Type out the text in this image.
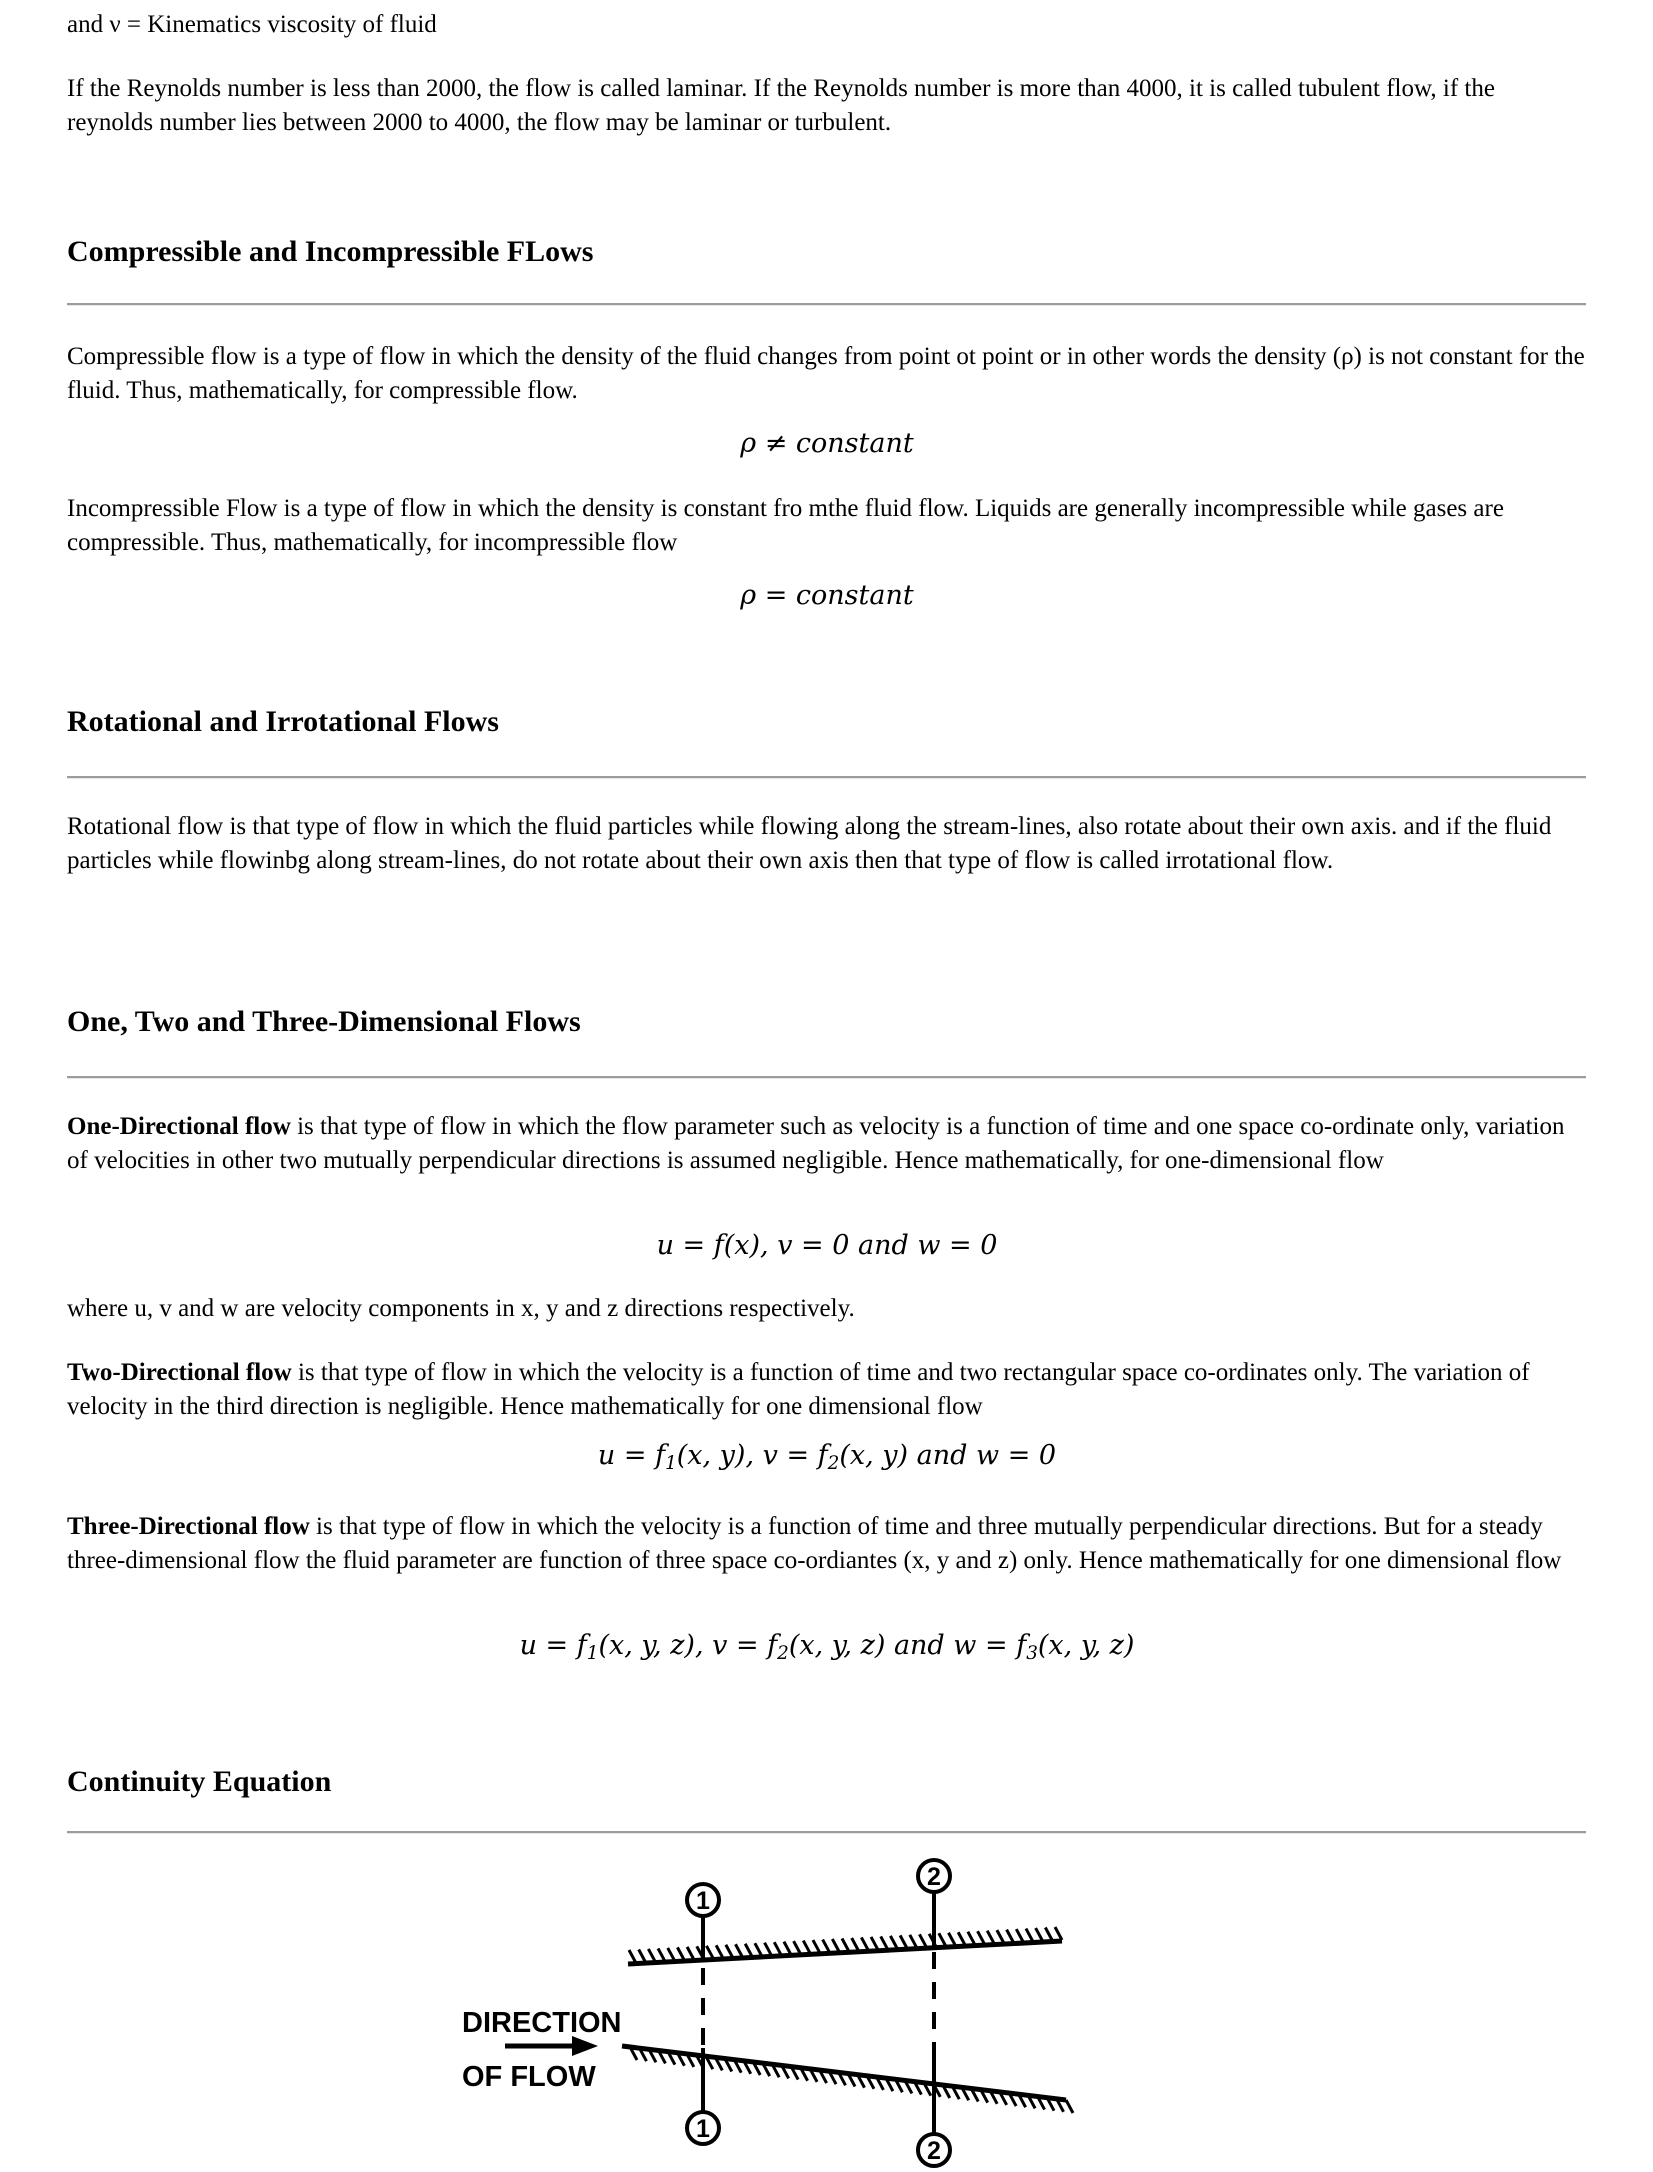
and ν = Kinematics viscosity of fluid
If the Reynolds number is less than 2000, the flow is called laminar. If the Reynolds number is more than 4000, it is called tubulent flow, if the reynolds number lies between 2000 to 4000, the flow may be laminar or turbulent.
Compressible and Incompressible FLows
Compressible flow is a type of flow in which the density of the fluid changes from point ot point or in other words the density (ρ) is not constant for the fluid. Thus, mathematically, for compressible flow.
ρ ≠ constant
Incompressible Flow is a type of flow in which the density is constant fro mthe fluid flow. Liquids are generally incompressible while gases are compressible. Thus, mathematically, for incompressible flow
ρ = constant
Rotational and Irrotational Flows
Rotational flow is that type of flow in which the fluid particles while flowing along the stream-lines, also rotate about their own axis. and if the fluid particles while flowinbg along stream-lines, do not rotate about their own axis then that type of flow is called irrotational flow.
One, Two and Three-Dimensional Flows
One-Directional flow is that type of flow in which the flow parameter such as velocity is a function of time and one space co-ordinate only, variation of velocities in other two mutually perpendicular directions is assumed negligible. Hence mathematically, for one-dimensional flow
u = f(x), v = 0 and w = 0
where u, v and w are velocity components in x, y and z directions respectively.
Two-Directional flow is that type of flow in which the velocity is a function of time and two rectangular space co-ordinates only. The variation of velocity in the third direction is negligible. Hence mathematically for one dimensional flow
$u = f_1(x$, y), $v = f_2(x$, y) and w = 0
Three-Directional flow is that type of flow in which the velocity is a function of time and three mutually perpendicular directions. But for a steady three-dimensional flow the fluid parameter are function of three space co-ordiantes (x, y and z) only. Hence mathematically for one dimensional flow
$u = f_1(x$, y, z), $v = f_2(x$, y, z) and $w = f_3(x$, y, z)
Continuity Equation
1
1
2
2
DIRECTION
OF FLOW
